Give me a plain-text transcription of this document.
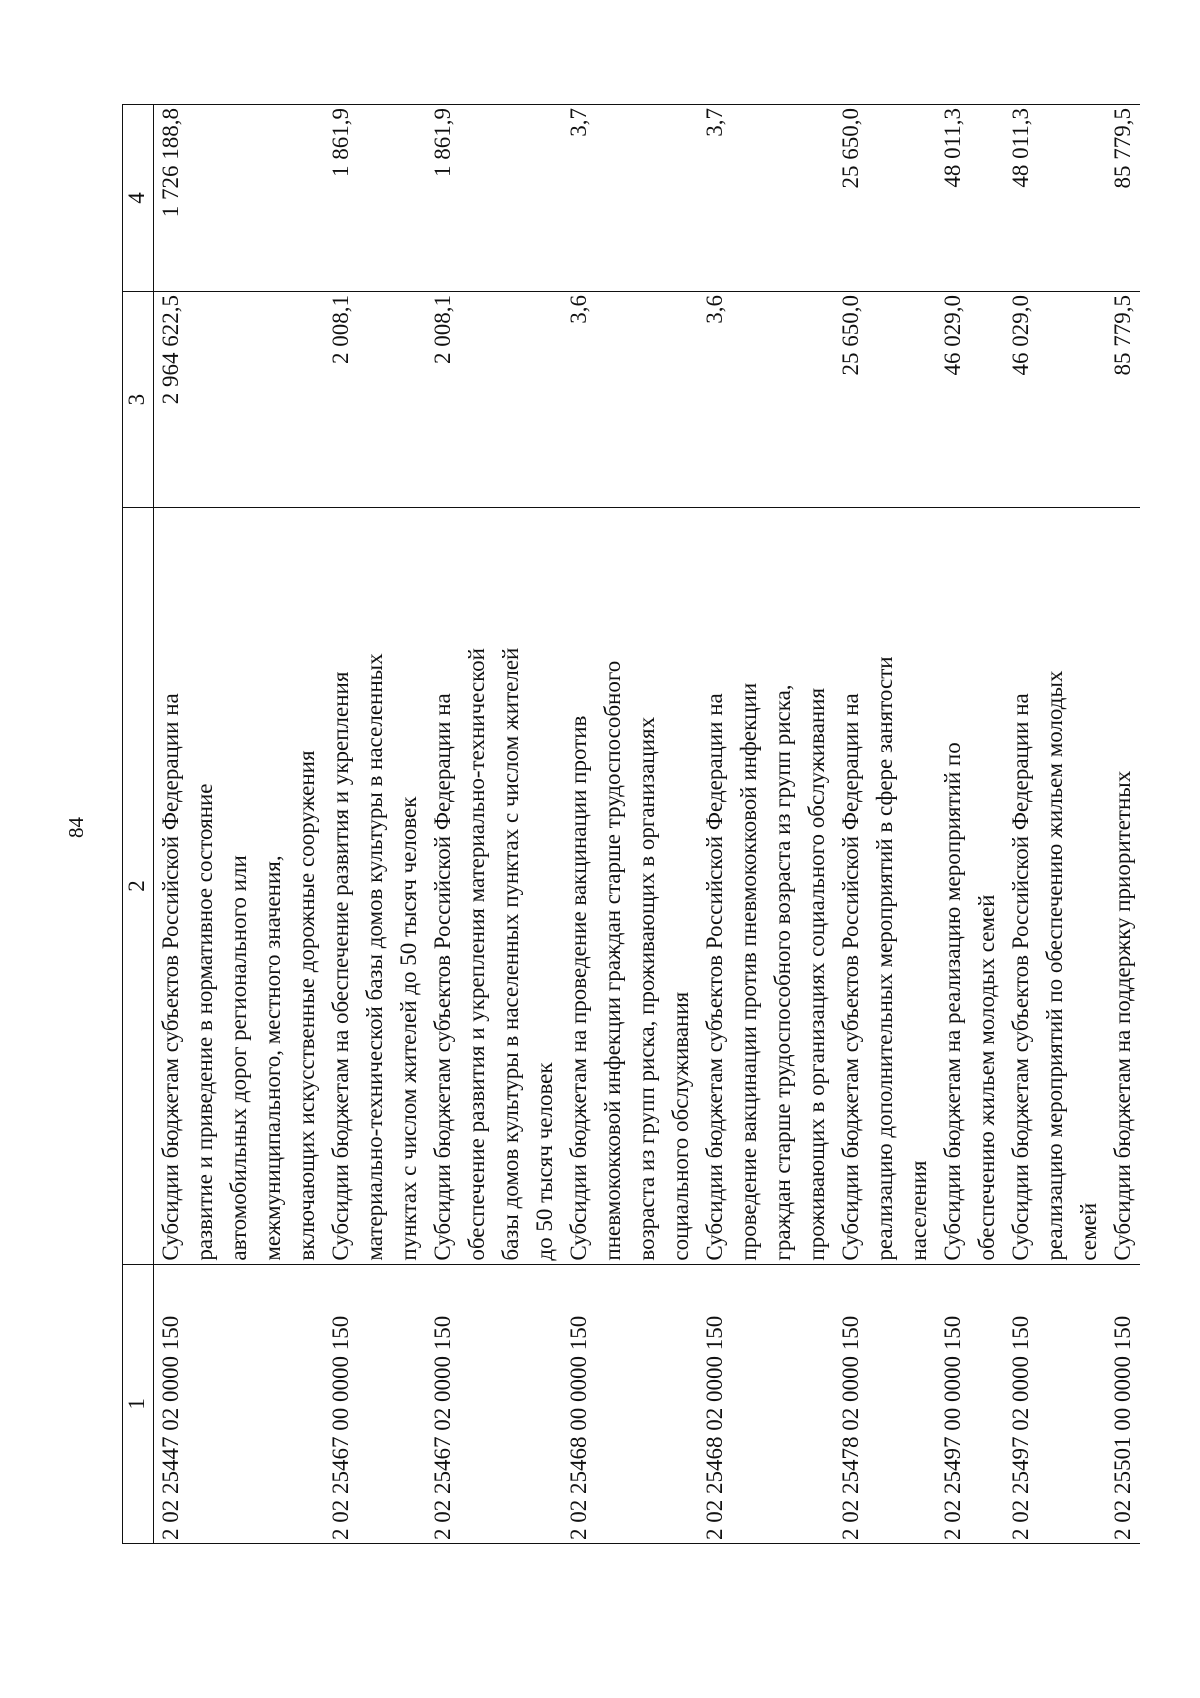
84
1	2	3	4
2 02 25447 02 0000 150	Субсидии бюджетам субъектов Российской Федерации на развитие и приведение в нормативное состояние автомобильных дорог регионального или межмуниципального, местного значения, включающих искусственные дорожные сооружения	2 964 622,5	1 726 188,8
2 02 25467 00 0000 150	Субсидии бюджетам на обеспечение развития и укрепления материально-технической базы домов культуры в населенных пунктах с числом жителей до 50 тысяч человек	2 008,1	1 861,9
2 02 25467 02 0000 150	Субсидии бюджетам субъектов Российской Федерации на обеспечение развития и укрепления материально-технической базы домов культуры в населенных пунктах с числом жителей до 50 тысяч человек	2 008,1	1 861,9
2 02 25468 00 0000 150	Субсидии бюджетам на проведение вакцинации против пневмококковой инфекции граждан старше трудоспособного возраста из групп риска, проживающих в организациях социального обслуживания	3,6	3,7
2 02 25468 02 0000 150	Субсидии бюджетам субъектов Российской Федерации на проведение вакцинации против пневмококковой инфекции граждан старше трудоспособного возраста из групп риска, проживающих в организациях социального обслуживания	3,6	3,7
2 02 25478 02 0000 150	Субсидии бюджетам субъектов Российской Федерации на реализацию дополнительных мероприятий в сфере занятости населения	25 650,0	25 650,0
2 02 25497 00 0000 150	Субсидии бюджетам на реализацию мероприятий по обеспечению жильем молодых семей	46 029,0	48 011,3
2 02 25497 02 0000 150	Субсидии бюджетам субъектов Российской Федерации на реализацию мероприятий по обеспечению жильем молодых семей	46 029,0	48 011,3
2 02 25501 00 0000 150	Субсидии бюджетам на поддержку приоритетных	85 779,5	85 779,5
